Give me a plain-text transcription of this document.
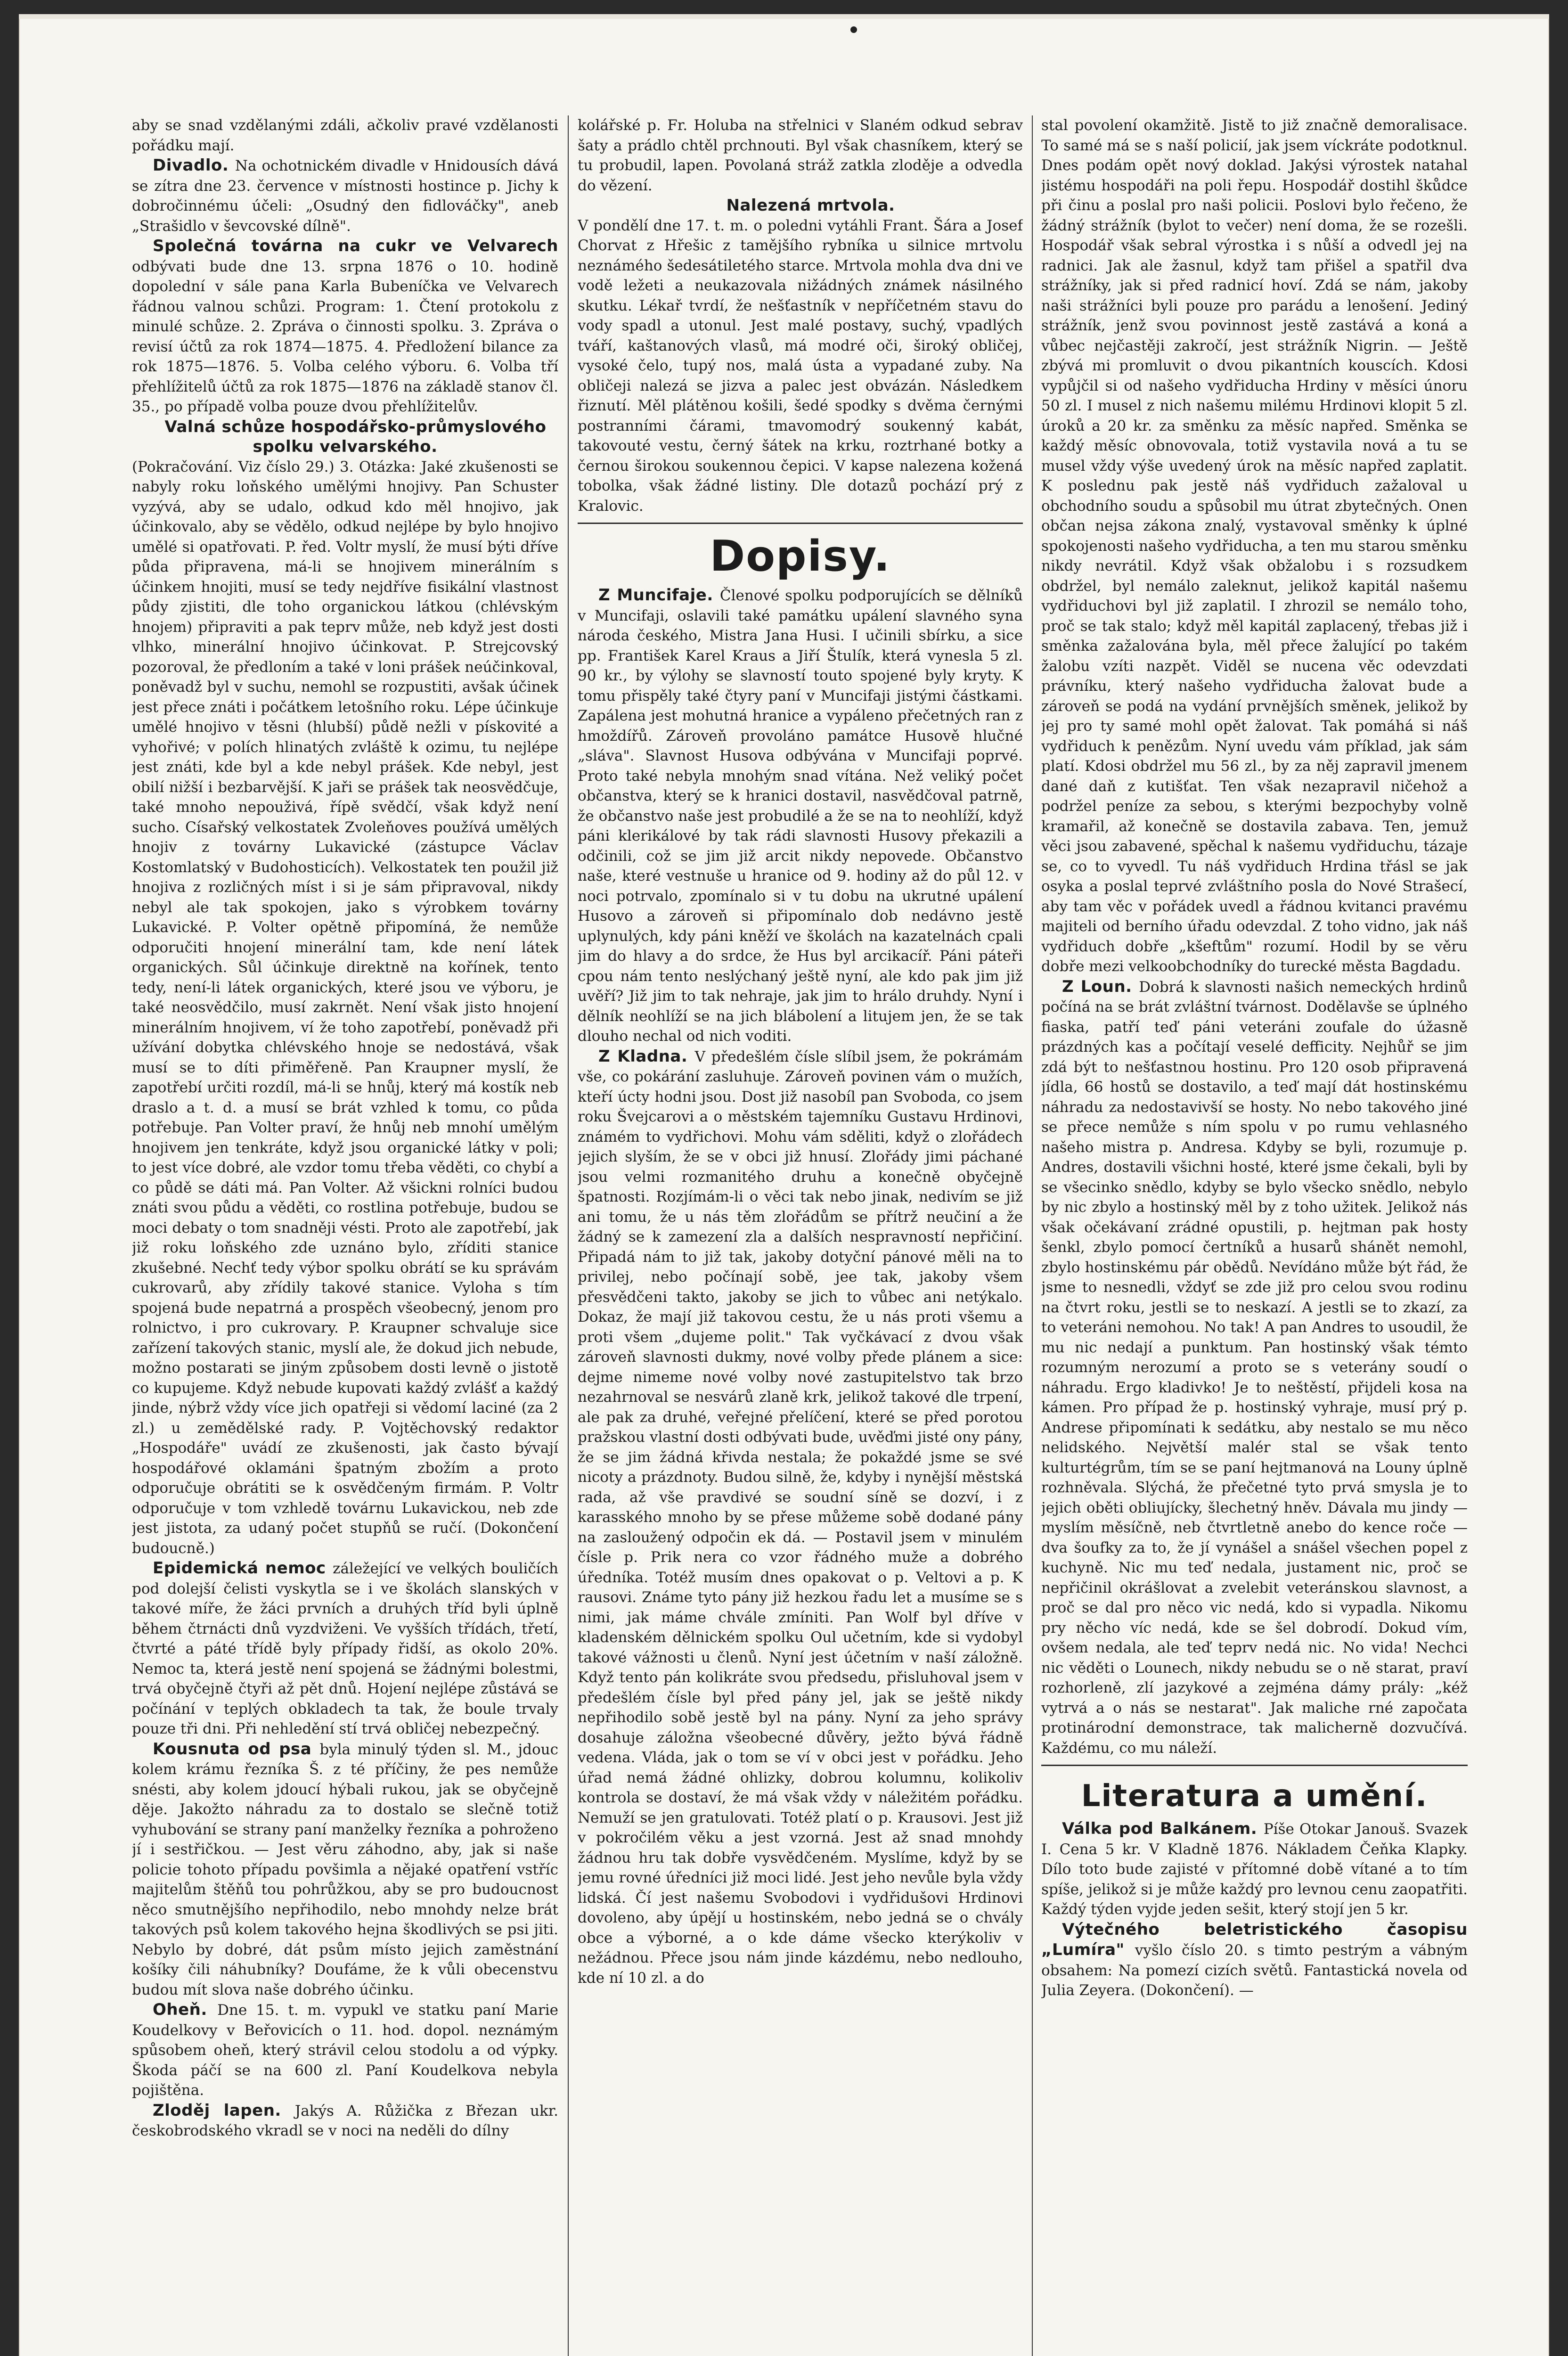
aby se snad vzdělanými zdáli, ačkoliv pravé vzdělanosti pořádku mají.

Divadlo. Na ochotnickém divadle v Hnidousích dává se zítra dne 23. července v místnosti hostince p. Jichy k dobročinnému účeli: „Osudný den fidlováčky", aneb „Strašidlo v ševcovské dílně".

Společná továrna na cukr ve Velvarech odbývati bude dne 13. srpna 1876 o 10. hodině dopolední v sále pana Karla Bubeníčka ve Velvarech řádnou valnou schůzi. Program: 1. Čtení protokolu z minulé schůze. 2. Zpráva o činnosti spolku. 3. Zpráva o revisí účtů za rok 1874—1875. 4. Předložení bilance za rok 1875—1876. 5. Volba celého výboru. 6. Volba tří přehlížitelů účtů za rok 1875—1876 na základě stanov čl. 35., po případě volba pouze dvou přehlížitelův.

Valná schůze hospodářsko-průmyslového spolku velvarského.
(Pokračování. Viz číslo 29.) 3. Otázka: Jaké zkušenosti se nabyly roku loňského umělými hnojivy. Pan Schuster vyzývá, aby se udalo, odkud kdo měl hnojivo, jak účinkovalo, aby se vědělo, odkud nejlépe by bylo hnojivo umělé si opatřovati. P. řed. Voltr myslí, že musí býti dříve půda připravena, má-li se hnojivem minerálním s účinkem hnojiti, musí se tedy nejdříve fisikální vlastnost půdy zjistiti, dle toho organickou látkou (chlévským hnojem) připraviti a pak teprv může, neb když jest dosti vlhko, minerální hnojivo účinkovat. P. Strejcovský pozoroval, že předloním a také v loni prášek neúčinkoval, poněvadž byl v suchu, nemohl se rozpustiti, avšak účinek jest přece znáti i počátkem letošního roku. Lépe účinkuje umělé hnojivo v těsni (hlubší) půdě nežli v pískovité a vyhořivé; v polích hlinatých zvláště k ozimu, tu nejlépe jest znáti, kde byl a kde nebyl prášek. Kde nebyl, jest obilí nižší i bezbarvější. K jaři se prášek tak neosvědčuje, také mnoho nepouživá, řípě svědčí, však když není sucho. Císařský velkostatek Zvoleňoves používá umělých hnojiv z továrny Lukavické (zástupce Václav Kostomlatský v Budohosticích). Velkostatek ten použil již hnojiva z rozličných míst i si je sám připravoval, nikdy nebyl ale tak spokojen, jako s výrobkem továrny Lukavické. P. Volter opětně připomíná, že nemůže odporučiti hnojení minerální tam, kde není látek organických. Sůl účinkuje direktně na kořínek, tento tedy, není-li látek organických, které jsou ve výboru, je také neosvědčilo, musí zakrnět. Není však jisto hnojení minerálním hnojivem, ví že toho zapotřebí, poněvadž při užívání dobytka chlévského hnoje se nedostává, však musí se to díti přiměřeně. Pan Kraupner myslí, že zapotřebí určiti rozdíl, má-li se hnůj, který má kostík neb draslo a t. d. a musí se brát vzhled k tomu, co půda potřebuje. Pan Volter praví, že hnůj neb mnohí umělým hnojivem jen tenkráte, když jsou organické látky v poli; to jest více dobré, ale vzdor tomu třeba věděti, co chybí a co půdě se dáti má. Pan Volter. Až všickni rolníci budou znáti svou půdu a věděti, co rostlina potřebuje, budou se moci debaty o tom snadněji vésti. Proto ale zapotřebí, jak již roku loňského zde uznáno bylo, zříditi stanice zkušebné. Nechť tedy výbor spolku obrátí se ku správám cukrovarů, aby zřídily takové stanice. Vyloha s tím spojená bude nepatrná a prospěch všeobecný, jenom pro rolnictvo, i pro cukrovary. P. Kraupner schvaluje sice zařízení takových stanic, myslí ale, že dokud jich nebude, možno postarati se jiným způsobem dosti levně o jistotě co kupujeme. Když nebude kupovati každý zvlášť a každý jinde, nýbrž vždy více jich opatřeji si vědomí laciné (za 2 zl.) u zemědělské rady. P. Vojtěchovský redaktor „Hospodáře" uvádí ze zkušenosti, jak často bývají hospodářové oklamáni špatným zbožím a proto odporučuje obrátiti se k osvědčeným firmám. P. Voltr odporučuje v tom vzhledě továrnu Lukavickou, neb zde jest jistota, za udaný počet stupňů se ručí. (Dokončení budoucně.)

Epidemická nemoc záležející ve velkých bouličích pod dolejší čelisti vyskytla se i ve školách slanských v takové míře, že žáci prvních a druhých tříd byli úplně během čtrnácti dnů vyzdviženi. Ve vyšších třídách, třetí, čtvrté a páté třídě byly případy řidší, as okolo 20%. Nemoc ta, která jestě není spojená se žádnými bolestmi, trvá obyčejně čtyři až pět dnů. Hojení nejlépe zůstává se počínání v teplých obkladech ta tak, že boule trvaly pouze tři dni. Při nehledění stí trvá obličej nebezpečný.

Kousnuta od psa byla minulý týden sl. M., jdouc kolem krámu řezníka Š. z té příčiny, že pes nemůže snésti, aby kolem jdoucí hýbali rukou, jak se obyčejně děje. Jakožto náhradu za to dostalo se slečně totiž vyhubování se strany paní manželky řezníka a pohroženo jí i sestřičkou. — Jest věru záhodno, aby, jak si naše policie tohoto případu povšimla a nějaké opatření vstříc majitelům štěňů tou pohrůžkou, aby se pro budoucnost něco smutnějšího nepřihodilo, nebo mnohdy nelze brát takových psů kolem takového hejna škodlivých se psi jiti. Nebylo by dobré, dát psům místo jejich zaměstnání košíky čili náhubníky? Doufáme, že k vůli obecenstvu budou mít slova naše dobrého účinku.

Oheň. Dne 15. t. m. vypukl ve statku paní Marie Koudelkovy v Beřovicích o 11. hod. dopol. neznámým spůsobem oheň, který strávil celou stodolu a od výpky. Škoda páčí se na 600 zl. Paní Koudelkova nebyla pojištěna.

Zloděj lapen. Jakýs A. Růžička z Březan ukr. českobrodského vkradl se v noci na neděli do dílny

kolářské p. Fr. Holuba na střelnici v Slaném odkud sebrav šaty a prádlo chtěl prchnouti. Byl však chasníkem, který se tu probudil, lapen. Povolaná stráž zatkla zloděje a odvedla do vězení.

Nalezená mrtvola.
V pondělí dne 17. t. m. o poledni vytáhli Frant. Šára a Josef Chorvat z Hřešic z tamějšího rybníka u silnice mrtvolu neznámého šedesátiletého starce. Mrtvola mohla dva dni ve vodě ležeti a neukazovala nižádných známek násilného skutku. Lékař tvrdí, že nešťastník v nepříčetném stavu do vody spadl a utonul. Jest malé postavy, suchý, vpadlých tváří, kaštanových vlasů, má modré oči, široký obličej, vysoké čelo, tupý nos, malá ústa a vypadané zuby. Na obličeji nalezá se jizva a palec jest obvázán. Následkem řiznutí. Měl plátěnou košili, šedé spodky s dvěma černými postranními čárami, tmavomodrý soukenný kabát, takovouté vestu, černý šátek na krku, roztrhané botky a černou širokou soukennou čepici. V kapse nalezena kožená tobolka, však žádné listiny. Dle dotazů pochází prý z Kralovic.

Dopisy.

Z Muncifaje. Členové spolku podporujících se dělníků v Muncifaji, oslavili také památku upálení slavného syna národa českého, Mistra Jana Husi. I učinili sbírku, a sice pp. František Karel Kraus a Jiří Štulík, která vynesla 5 zl. 90 kr., by výlohy se slavností touto spojené byly kryty. K tomu přispěly také čtyry paní v Muncifaji jistými částkami. Zapálena jest mohutná hranice a vypáleno přečetných ran z hmoždířů. Zároveň provoláno památce Husově hlučné „sláva". Slavnost Husova odbývána v Muncifaji poprvé. Proto také nebyla mnohým snad vítána. Než veliký počet občanstva, který se k hranici dostavil, nasvědčoval patrně, že občanstvo naše jest probudilé a že se na to neohlíží, když páni klerikálové by tak rádi slavnosti Husovy překazili a odčinili, což se jim již arcit nikdy nepovede. Občanstvo naše, které vestnuše u hranice od 9. hodiny až do půl 12. v noci potrvalo, zpomínalo si v tu dobu na ukrutné upálení Husovo a zároveň si připomínalo dob nedávno jestě uplynulých, kdy páni kněží ve školách na kazatelnách cpali jim do hlavy a do srdce, že Hus byl arcikacíř. Páni páteři cpou nám tento neslýchaný ještě nyní, ale kdo pak jim již uvěří? Již jim to tak nehraje, jak jim to hrálo druhdy. Nyní i dělník neohlíží se na jich blábolení a litujem jen, že se tak dlouho nechal od nich voditi.

Z Kladna. V předešlém čísle slíbil jsem, že pokrámám vše, co pokárání zasluhuje. Zároveň povinen vám o mužích, kteří úcty hodni jsou. Dost již nasobíl pan Svoboda, co jsem roku Švejcarovi a o městském tajemníku Gustavu Hrdinovi, známém to vydřichovi. Mohu vám sděliti, když o zlořádech jejich slyším, že se v obci již hnusí. Zlořády jimi páchané jsou velmi rozmanitého druhu a konečně obyčejně špatnosti. Rozjímám-li o věci tak nebo jinak, nedivím se již ani tomu, že u nás těm zlořádům se přítrž neučiní a že žádný se k zamezení zla a dalších nespravností nepřičiní. Připadá nám to již tak, jakoby dotyční pánové měli na to privilej, nebo počínají sobě, jee tak, jakoby všem přesvědčeni takto, jakoby se jich to vůbec ani netýkalo. Dokaz, že mají již takovou cestu, že u nás proti všemu a proti všem „dujeme polit." Tak vyčkávací z dvou však zároveň slavnosti dukmy, nové volby přede plánem a sice: dejme nimeme nové volby nové zastupitelstvo tak brzo nezahrnoval se nesvárů zlaně krk, jelikož takové dle trpení, ale pak za druhé, veřejné přelíčení, které se před porotou pražskou vlastní dosti odbývati bude, uvěďmi jisté ony pány, že se jim žádná křivda nestala; že pokaždé jsme se své nicoty a prázdnoty. Budou silně, že, kdyby i nynější městská rada, až vše pravdivé se soudní síně se dozví, i z karasského mnoho by se přese můžeme sobě dodané pány na zasloužený odpočin ek dá. — Postavil jsem v minulém čísle p. Prik nera co vzor řádného muže a dobrého úředníka. Totéž musím dnes opakovat o p. Veltovi a p. K rausovi. Známe tyto pány již hezkou řadu let a musíme se s nimi, jak máme chvále zmíniti. Pan Wolf byl dříve v kladenském dělnickém spolku Oul učetním, kde si vydobyl takové vážnosti u členů. Nyní jest účetním v naší záložně. Když tento pán kolikráte svou předsedu, přisluhoval jsem v předešlém čísle byl před pány jel, jak se ještě nikdy nepřihodilo sobě jestě byl na pány. Nyní za jeho správy dosahuje záložna všeobecné důvěry, ježto bývá řádně vedena. Vláda, jak o tom se ví v obci jest v pořádku. Jeho úřad nemá žádné ohlizky, dobrou kolumnu, kolikoliv kontrola se dostaví, že má však vždy v náležitém pořádku. Nemuží se jen gratulovati. Totéž platí o p. Krausovi. Jest již v pokročilém věku a jest vzorná. Jest až snad mnohdy žádnou hru tak dobře vysvědčeném. Myslíme, když by se jemu rovné úředníci již moci lidé. Jest jeho nevůle byla vždy lidská. Čí jest našemu Svobodovi i vydřidušovi Hrdinovi dovoleno, aby úpějí u hostinském, nebo jedná se o chvály obce a výborné, a o kde dáme všecko kterýkoliv v nežádnou. Přece jsou nám jinde kázdému, nebo nedlouho, kde ní 10 zl. a do

stal povolení okamžitě. Jistě to již značně demoralisace. To samé má se s naší policií, jak jsem víckráte podotknul. Dnes podám opět nový doklad. Jakýsi výrostek natahal jistému hospodáři na poli řepu. Hospodář dostihl škůdce při činu a poslal pro naši policii. Poslovi bylo řečeno, že žádný strážník (bylot to večer) není doma, že se rozešli. Hospodář však sebral výrostka i s nůší a odvedl jej na radnici. Jak ale žasnul, když tam přišel a spatřil dva strážníky, jak si před radnicí hoví. Zdá se nám, jakoby naši strážníci byli pouze pro parádu a lenošení. Jediný strážník, jenž svou povinnost jestě zastává a koná a vůbec nejčastěji zakročí, jest strážník Nigrin. — Ještě zbývá mi promluvit o dvou pikantních kouscích. Kdosi vypůjčil si od našeho vydřiducha Hrdiny v měsíci únoru 50 zl. I musel z nich našemu milému Hrdinovi klopit 5 zl. úroků a 20 kr. za směnku za měsíc napřed. Směnka se každý měsíc obnovovala, totiž vystavila nová a tu se musel vždy výše uvedený úrok na měsíc napřed zaplatit. K poslednu pak jestě náš vydřiduch zažaloval u obchodního soudu a spůsobil mu útrat zbytečných. Onen občan nejsa zákona znalý, vystavoval směnky k úplné spokojenosti našeho vydřiducha, a ten mu starou směnku nikdy nevrátil. Když však obžalobu i s rozsudkem obdržel, byl nemálo zaleknut, jelikož kapitál našemu vydřiduchovi byl již zaplatil. I zhrozil se nemálo toho, proč se tak stalo; když měl kapitál zaplacený, třebas již i směnka zažalována byla, měl přece žalující po takém žalobu vzíti nazpět. Viděl se nucena věc odevzdati právníku, který našeho vydřiducha žalovat bude a zároveň se podá na vydání prvnějších směnek, jelikož by jej pro ty samé mohl opět žalovat. Tak pomáhá si náš vydřiduch k penězům. Nyní uvedu vám příklad, jak sám platí. Kdosi obdržel mu 56 zl., by za něj zapravil jmenem dané daň z kutišťat. Ten však nezapravil ničehož a podržel peníze za sebou, s kterými bezpochyby volně kramařil, až konečně se dostavila zabava. Ten, jemuž věci jsou zabavené, spěchal k našemu vydřiduchu, tázaje se, co to vyvedl. Tu náš vydřiduch Hrdina třásl se jak osyka a poslal teprvé zvláštního posla do Nové Strašecí, aby tam věc v pořádek uvedl a řádnou kvitanci pravému majiteli od berního úřadu odevzdal. Z toho vidno, jak náš vydřiduch dobře „kšeftům" rozumí. Hodil by se věru dobře mezi velkoobchodníky do turecké města Bagdadu.

Z Loun. Dobrá k slavnosti našich nemeckých hrdinů počíná na se brát zvláštní tvárnost. Dodělavše se úplného fiaska, patří teď páni veteráni zoufale do úžasně prázdných kas a počítají veselé defficity. Nejhůř se jim zdá být to nešťastnou hostinu. Pro 120 osob připravená jídla, 66 hostů se dostavilo, a teď mají dát hostinskému náhradu za nedostavivší se hosty. No nebo takového jiné se přece nemůže s ním spolu v po rumu vehlasného našeho mistra p. Andresa. Kdyby se byli, rozumuje p. Andres, dostavili všichni hosté, které jsme čekali, byli by se všecinko snědlo, kdyby se bylo všecko snědlo, nebylo by nic zbylo a hostinský měl by z toho užitek. Jelikož nás však očekávaní zrádné opustili, p. hejtman pak hosty šenkl, zbylo pomocí čertníků a husarů shánět nemohl, zbylo hostinskému pár obědů. Nevídáno může být řád, že jsme to nesnedli, vždyť se zde již pro celou svou rodinu na čtvrt roku, jestli se to neskazí. A jestli se to zkazí, za to veteráni nemohou. No tak! A pan Andres to usoudil, že mu nic nedají a punktum. Pan hostinský však témto rozumným nerozumí a proto se s veterány soudí o náhradu. Ergo kladivko! Je to neštěstí, přijdeli kosa na kámen. Pro případ že p. hostinský vyhraje, musí prý p. Andrese připomínati k sedátku, aby nestalo se mu něco nelidského. Největší malér stal se však tento kulturtégrům, tím se se paní hejtmanová na Louny úplně rozhněvala. Slýchá, že přečetné tyto prvá smysla je to jejich oběti obliujícky, šlechetný hněv. Dávala mu jindy — myslím měsíčně, neb čtvrtletně anebo do kence roče — dva šoufky za to, že jí vynášel a snášel všechen popel z kuchyně. Nic mu teď nedala, justament nic, proč se nepřičinil okrášlovat a zvelebit veteránskou slavnost, a proč se dal pro něco vic nedá, kdo si vypadla. Nikomu pry něcho víc nedá, kde se šel dobrodí. Dokud vím, ovšem nedala, ale teď teprv nedá nic. No vida! Nechci nic věděti o Lounech, nikdy nebudu se o ně starat, praví rozhorleně, zlí jazykové a zejména dámy prály: „kéž vytrvá a o nás se nestarat". Jak maliche rné započata protinárodní demonstrace, tak malicherně dozvučívá. Každému, co mu náleží.

Literatura a umění.

Válka pod Balkánem. Píše Otokar Janouš. Svazek I. Cena 5 kr. V Kladně 1876. Nákladem Čeňka Klapky. Dílo toto bude zajisté v přítomné době vítané a to tím spíše, jelikož si je může každý pro levnou cenu zaopatřiti. Každý týden vyjde jeden sešit, který stojí jen 5 kr.

Výtečného beletristického časopisu „Lumíra" vyšlo číslo 20. s timto pestrým a vábným obsahem: Na pomezí cizích světů. Fantastická novela od Julia Zeyera. (Dokončení). —
